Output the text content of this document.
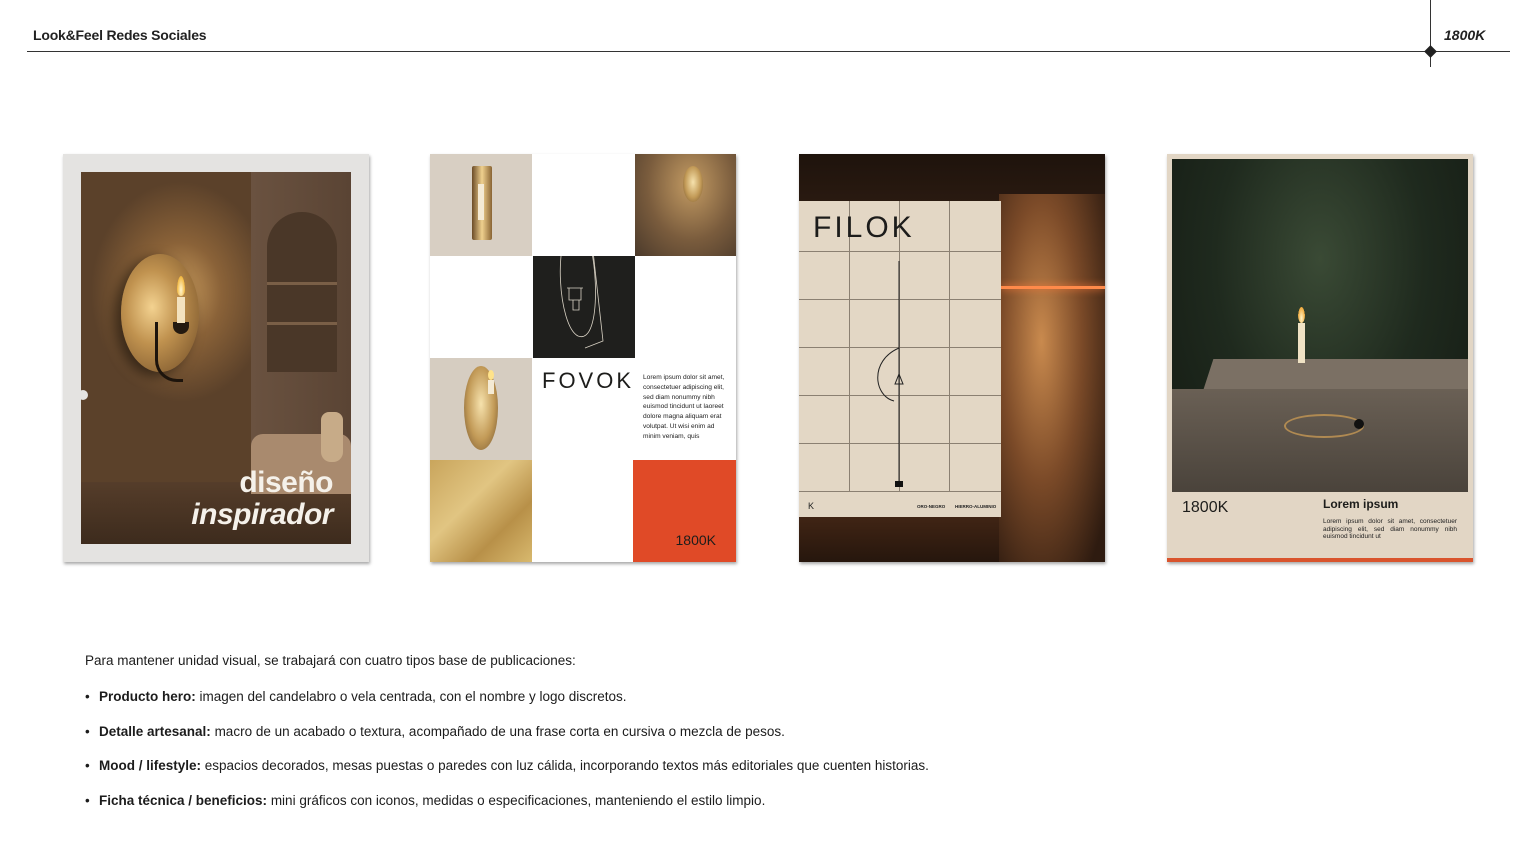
Look&Feel Redes Sociales	1800K
diseño
inspirador
FOVOK Lorem ipsum dolor sit amet, consectetuer adipiscing elit, sed diam nonummy nibh euismod tincidunt ut laoreet dolore magna aliquam erat volutpat. Ut wisi enim ad minim veniam, quis
1800K
FILOK
K	ORO-NEGRO HIERRO-ALUMINIO	1800K	Lorem ipsum
Lorem ipsum dolor sit amet, consectetuer adipiscing elit, sed diam nonummy nibh euismod tincidunt ut
Para mantener unidad visual, se trabajará con cuatro tipos base de publicaciones:
• Producto hero: imagen del candelabro o vela centrada, con el nombre y logo discretos.
• Detalle artesanal: macro de un acabado o textura, acompañado de una frase corta en cursiva o mezcla de pesos.
• Mood / lifestyle: espacios decorados, mesas puestas o paredes con luz cálida, incorporando textos más editoriales que cuenten historias.
• Ficha técnica / beneficios: mini gráficos con iconos, medidas o especificaciones, manteniendo el estilo limpio.
